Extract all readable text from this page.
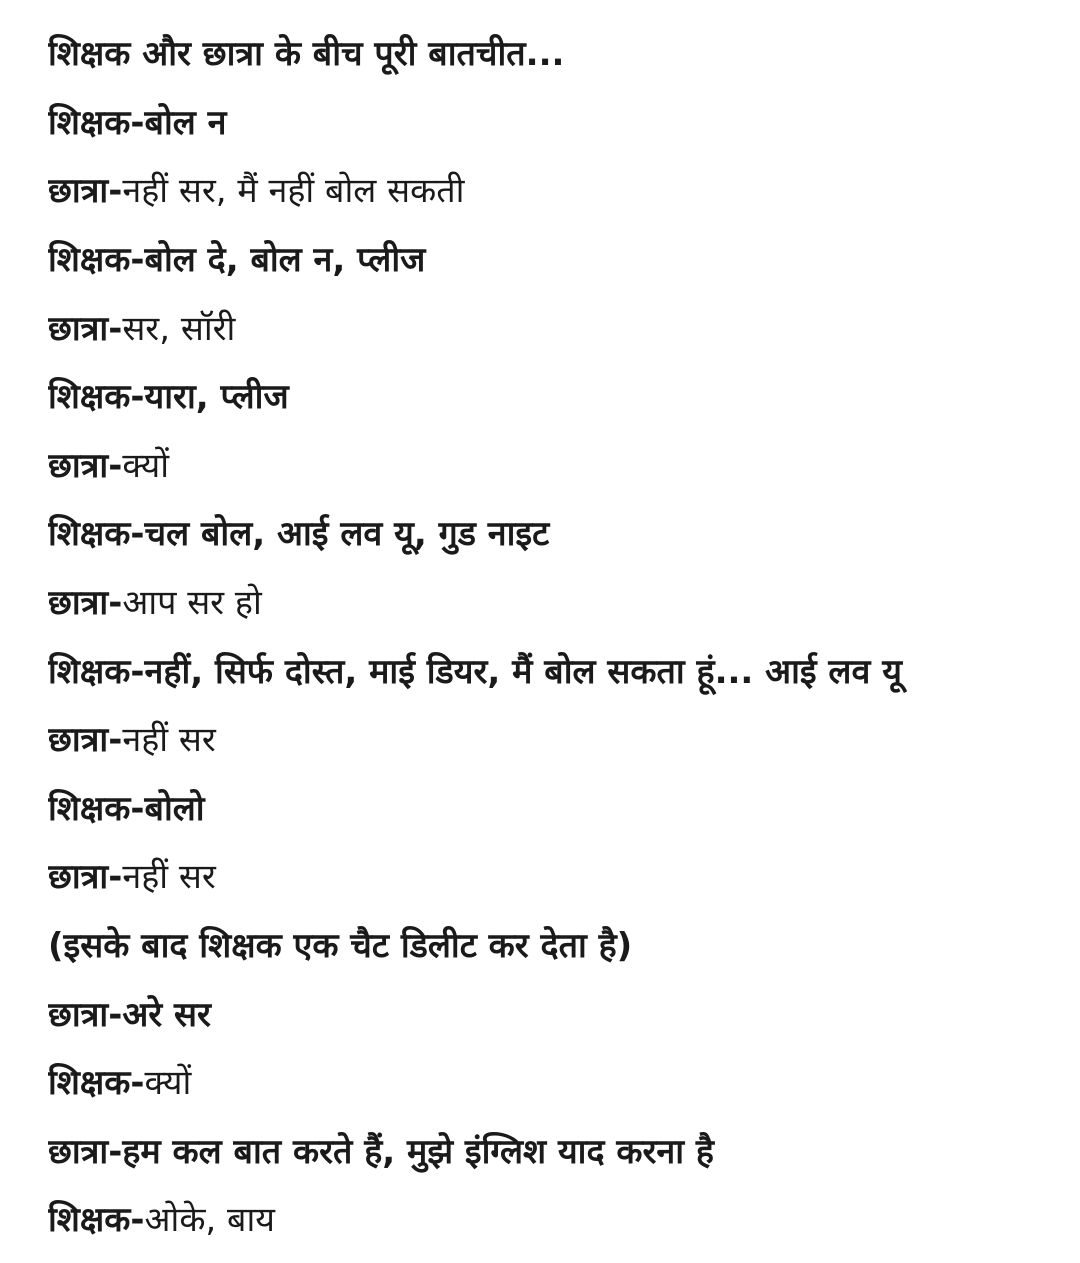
शिक्षक और छात्रा के बीच पूरी बातचीत...
शिक्षक- बोल न
छात्रा- नहीं सर, मैं नहीं बोल सकती
शिक्षक- बोल दे, बोल न, प्लीज
छात्रा- सर, सॉरी
शिक्षक- यारा, प्लीज
छात्रा- क्यों
शिक्षक- चल बोल, आई लव यू, गुड नाइट
छात्रा- आप सर हो
शिक्षक- नहीं, सिर्फ दोस्त, माई डियर, मैं बोल सकता हूं... आई लव यू
छात्रा- नहीं सर
शिक्षक- बोलो
छात्रा- नहीं सर
(इसके बाद शिक्षक एक चैट डिलीट कर देता है)
छात्रा- अरे सर
शिक्षक- क्यों
छात्रा- हम कल बात करते हैं, मुझे इंग्लिश याद करना है
शिक्षक- ओके, बाय
